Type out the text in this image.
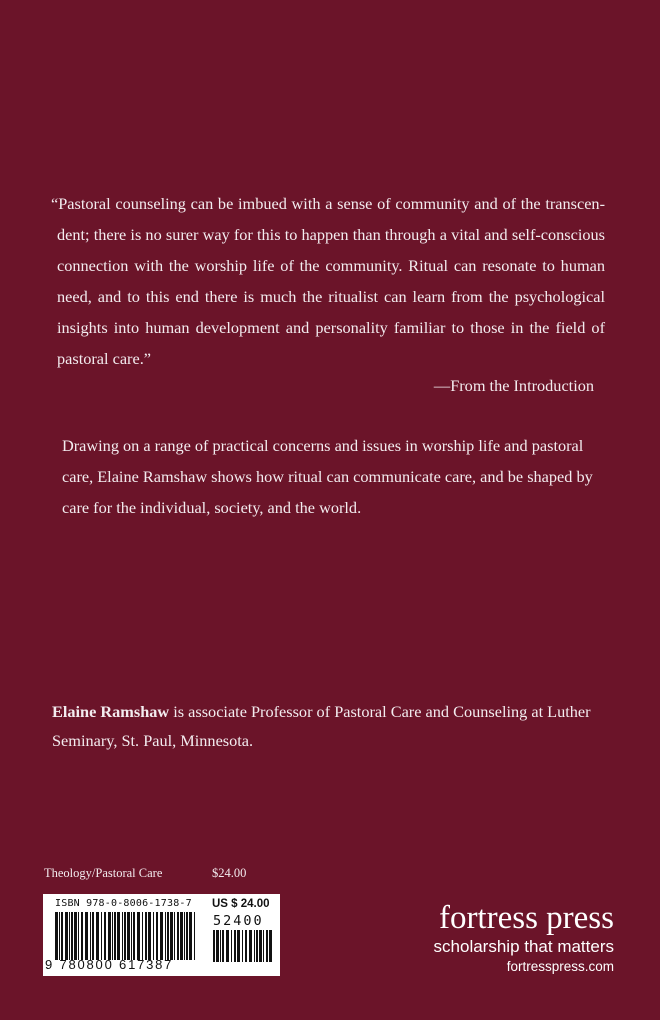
“Pastoral counseling can be imbued with a sense of community and of the transcen-dent; there is no surer way for this to happen than through a vital and self-conscious connection with the worship life of the community. Ritual can resonate to human need, and to this end there is much the ritualist can learn from the psychological insights into human development and personality familiar to those in the field of pastoral care.”

—From the Introduction

Drawing on a range of practical concerns and issues in worship life and pastoral care, Elaine Ramshaw shows how ritual can communicate care, and be shaped by care for the individual, society, and the world.

Elaine Ramshaw is associate Professor of Pastoral Care and Counseling at Luther Seminary, St. Paul, Minnesota.

Theology/Pastoral Care	$24.00

ISBN 978-0-8006-1738-7

9 780800 617387

US $ 24.00

52400	fortress press

scholarship that matters

fortresspress.com
